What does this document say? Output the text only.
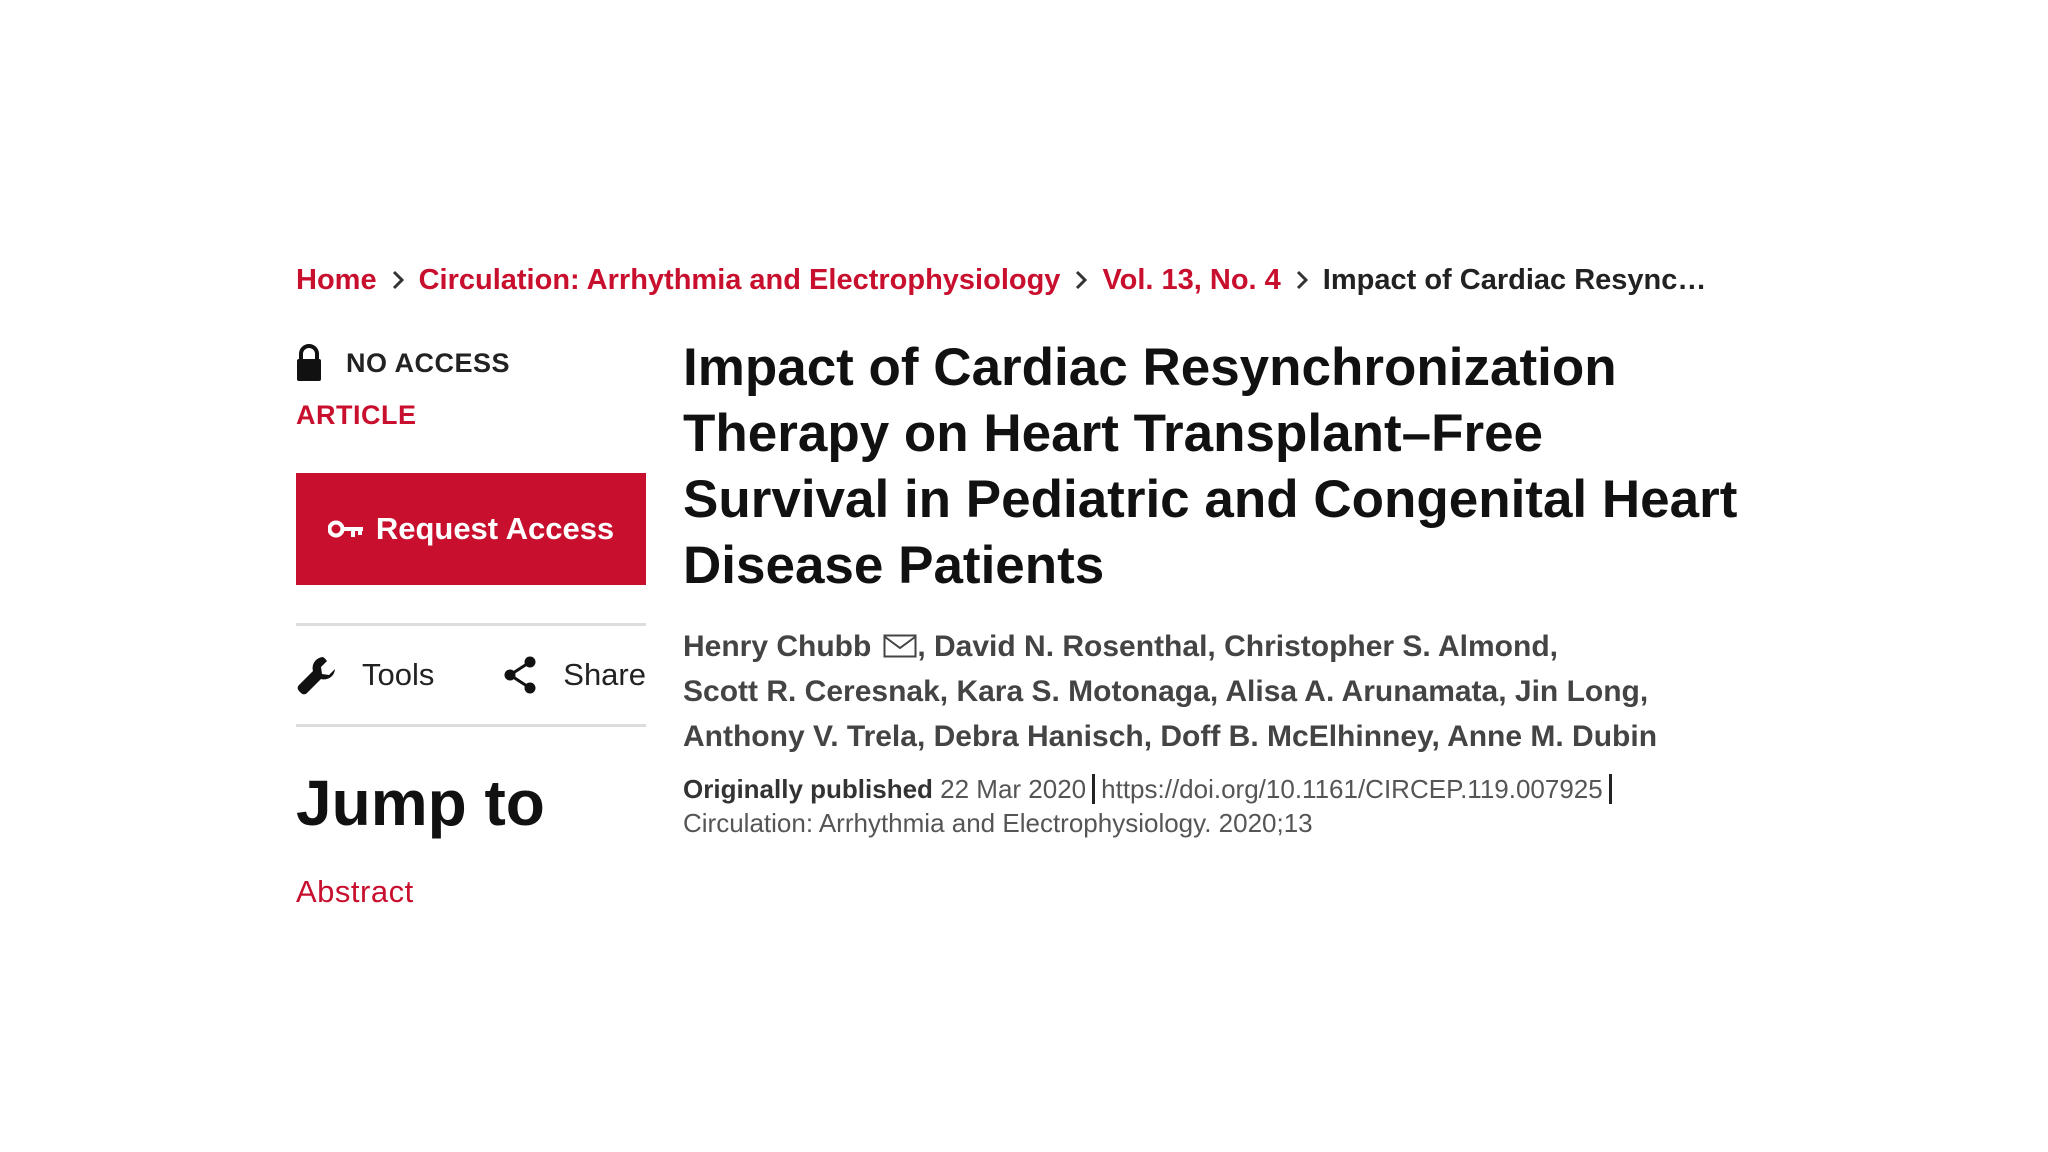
Home Circulation: Arrhythmia and Electrophysiology Vol. 13, No. 4 Impact of Cardiac Resync…
NO ACCESS
ARTICLE
Request Access
Tools	Share
Jump to
Abstract
Impact of Cardiac Resynchronization Therapy on Heart Transplant–Free Survival in Pediatric and Congenital Heart Disease Patients
Henry Chubb , David N. Rosenthal, Christopher S. Almond,
Scott R. Ceresnak, Kara S. Motonaga, Alisa A. Arunamata, Jin Long,
Anthony V. Trela, Debra Hanisch, Doff B. McElhinney, Anne M. Dubin
Originally published 22 Mar 2020 https://doi.org/10.1161/CIRCEP.119.007925
Circulation: Arrhythmia and Electrophysiology. 2020;13
